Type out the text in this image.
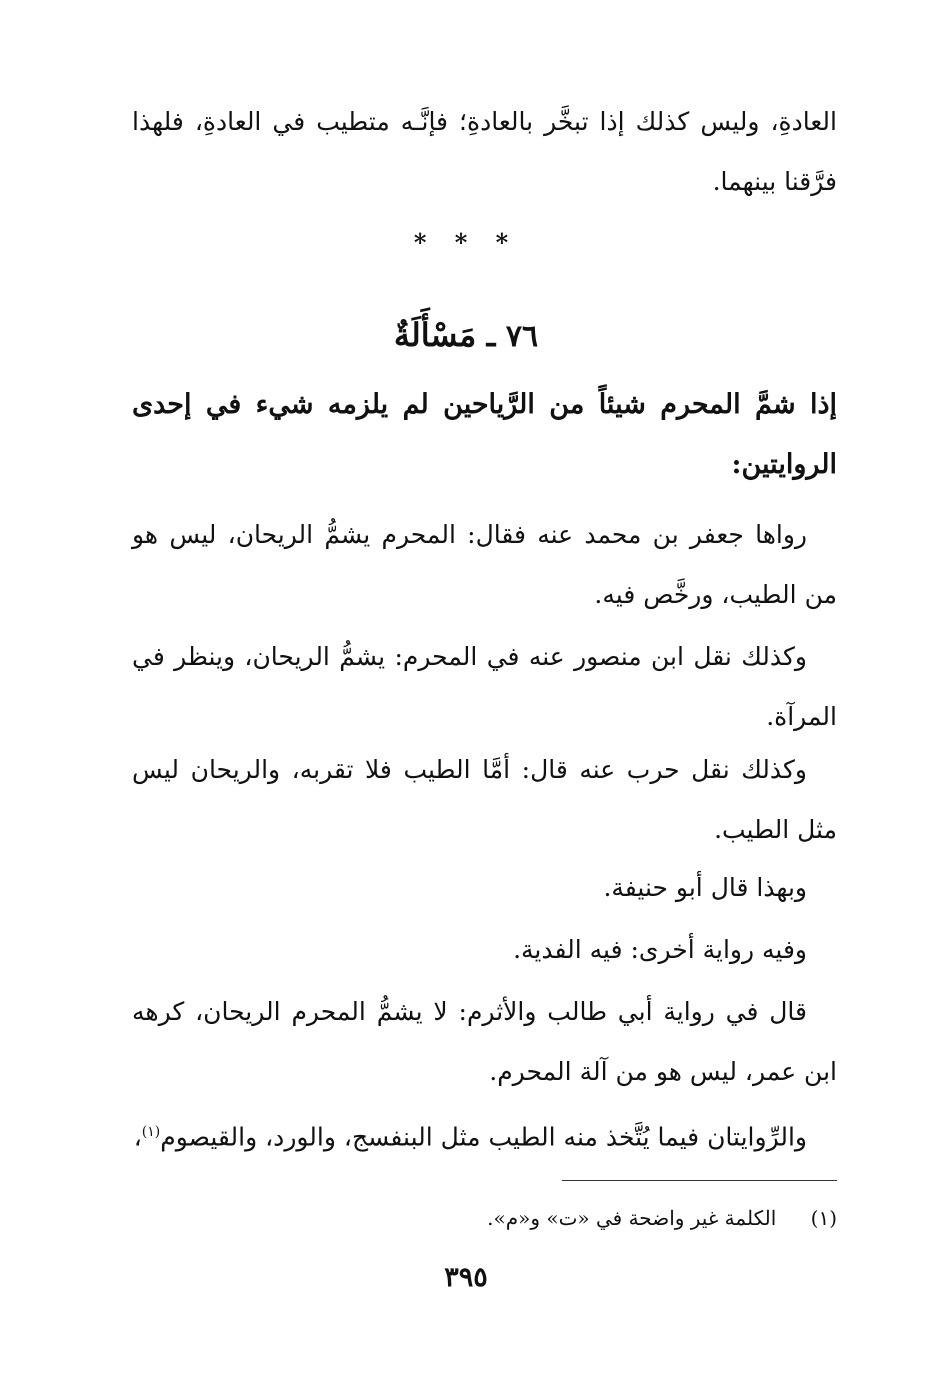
العادةِ، وليس كذلك إذا تبخَّر بالعادةِ؛ فإنَّـه متطيب في العادةِ، فلهذا
فرَّقنا بينهما.
* * *
٧٦ ـ مَسْأَلَةٌ
إذا شمَّ المحرم شيئاً من الرَّياحين لم يلزمه شيء في إحدى
الروايتين:
رواها جعفر بن محمد عنه فقال: المحرم يشمُّ الريحان، ليس هو
من الطيب، ورخَّص فيه.
وكذلك نقل ابن منصور عنه في المحرم: يشمُّ الريحان، وينظر في
المرآة.
وكذلك نقل حرب عنه قال: أمَّا الطيب فلا تقربه، والريحان ليس
مثل الطيب.
وبهذا قال أبو حنيفة.
وفيه رواية أخرى: فيه الفدية.
قال في رواية أبي طالب والأثرم: لا يشمُّ المحرم الريحان، كرهه
ابن عمر، ليس هو من آلة المحرم.
والرِّوايتان فيما يُتَّخذ منه الطيب مثل البنفسج، والورد، والقيصوم$^{(١)}$،
(١) الكلمة غير واضحة في «ت» و«م».
٣٩٥
